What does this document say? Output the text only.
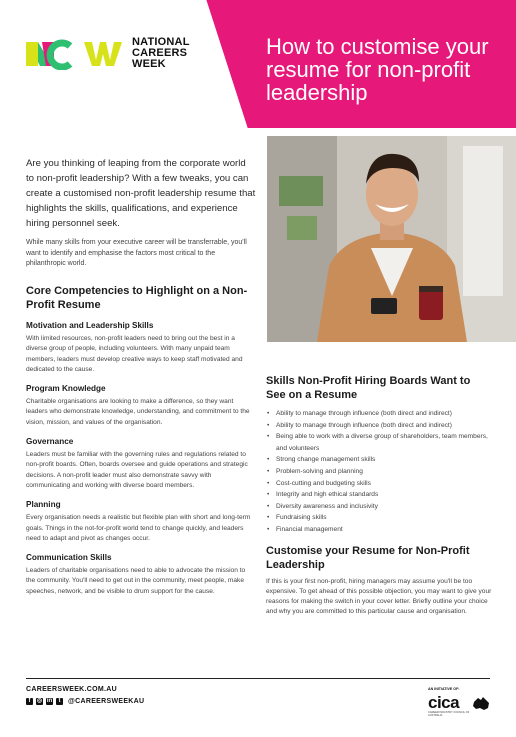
NATIONAL
CAREERS
WEEK
How to customise your resume for non-profit leadership

Are you thinking of leaping from the corporate world to non-profit leadership? With a few tweaks, you can create a customised non-profit leadership resume that highlights the skills, qualifications, and experience hiring personnel seek.

While many skills from your executive career will be transferrable, you'll want to identify and emphasise the factors most critical to the philanthropic world.

Core Competencies to Highlight on a Non-Profit Resume
Motivation and Leadership Skills

With limited resources, non-profit leaders need to bring out the best in a diverse group of people, including volunteers. With many unpaid team members, leaders must develop creative ways to keep staff motivated and dedicated to the cause.

Program Knowledge

Charitable organisations are looking to make a difference, so they want leaders who demonstrate knowledge, understanding, and commitment to the vision, mission, and values of the organisation.

Governance

Leaders must be familiar with the governing rules and regulations related to non-profit boards. Often, boards oversee and guide operations and strategic decisions. A non-profit leader must also demonstrate savvy with communicating and working with diverse board members.

Planning

Every organisation needs a realistic but flexible plan with short and long-term goals. Things in the not-for-profit world tend to change quickly, and leaders need to adapt and pivot as changes occur.

Communication Skills

Leaders of charitable organisations need to able to advocate the mission to the community. You'll need to get out in the community, meet people, make speeches, network, and be visible to drum support for the cause.

Skills Non-Profit Hiring Boards Want to See on a Resume
• Ability to manage through influence (both direct and indirect)
• Ability to manage through influence (both direct and indirect)
• Being able to work with a diverse group of shareholders, team members, and volunteers
• Strong change management skills
• Problem-solving and planning
• Cost-cutting and budgeting skills
• Integrity and high ethical standards
• Diversity awareness and inclusivity
• Fundraising skills
• Financial management
Customise your Resume for Non-Profit Leadership

If this is your first non-profit, hiring managers may assume you'll be too expensive. To get ahead of this possible objection, you may want to give your reasons for making the switch in your cover letter. Briefly outline your choice and why you are committed to this particular cause and organisation.

CAREERSWEEK.COM.AU
f	◎ in	t	@CAREERSWEEKAU
AN INITIATIVE OF:
cica
CAREER INDUSTRY COUNCIL OF AUSTRALIA
